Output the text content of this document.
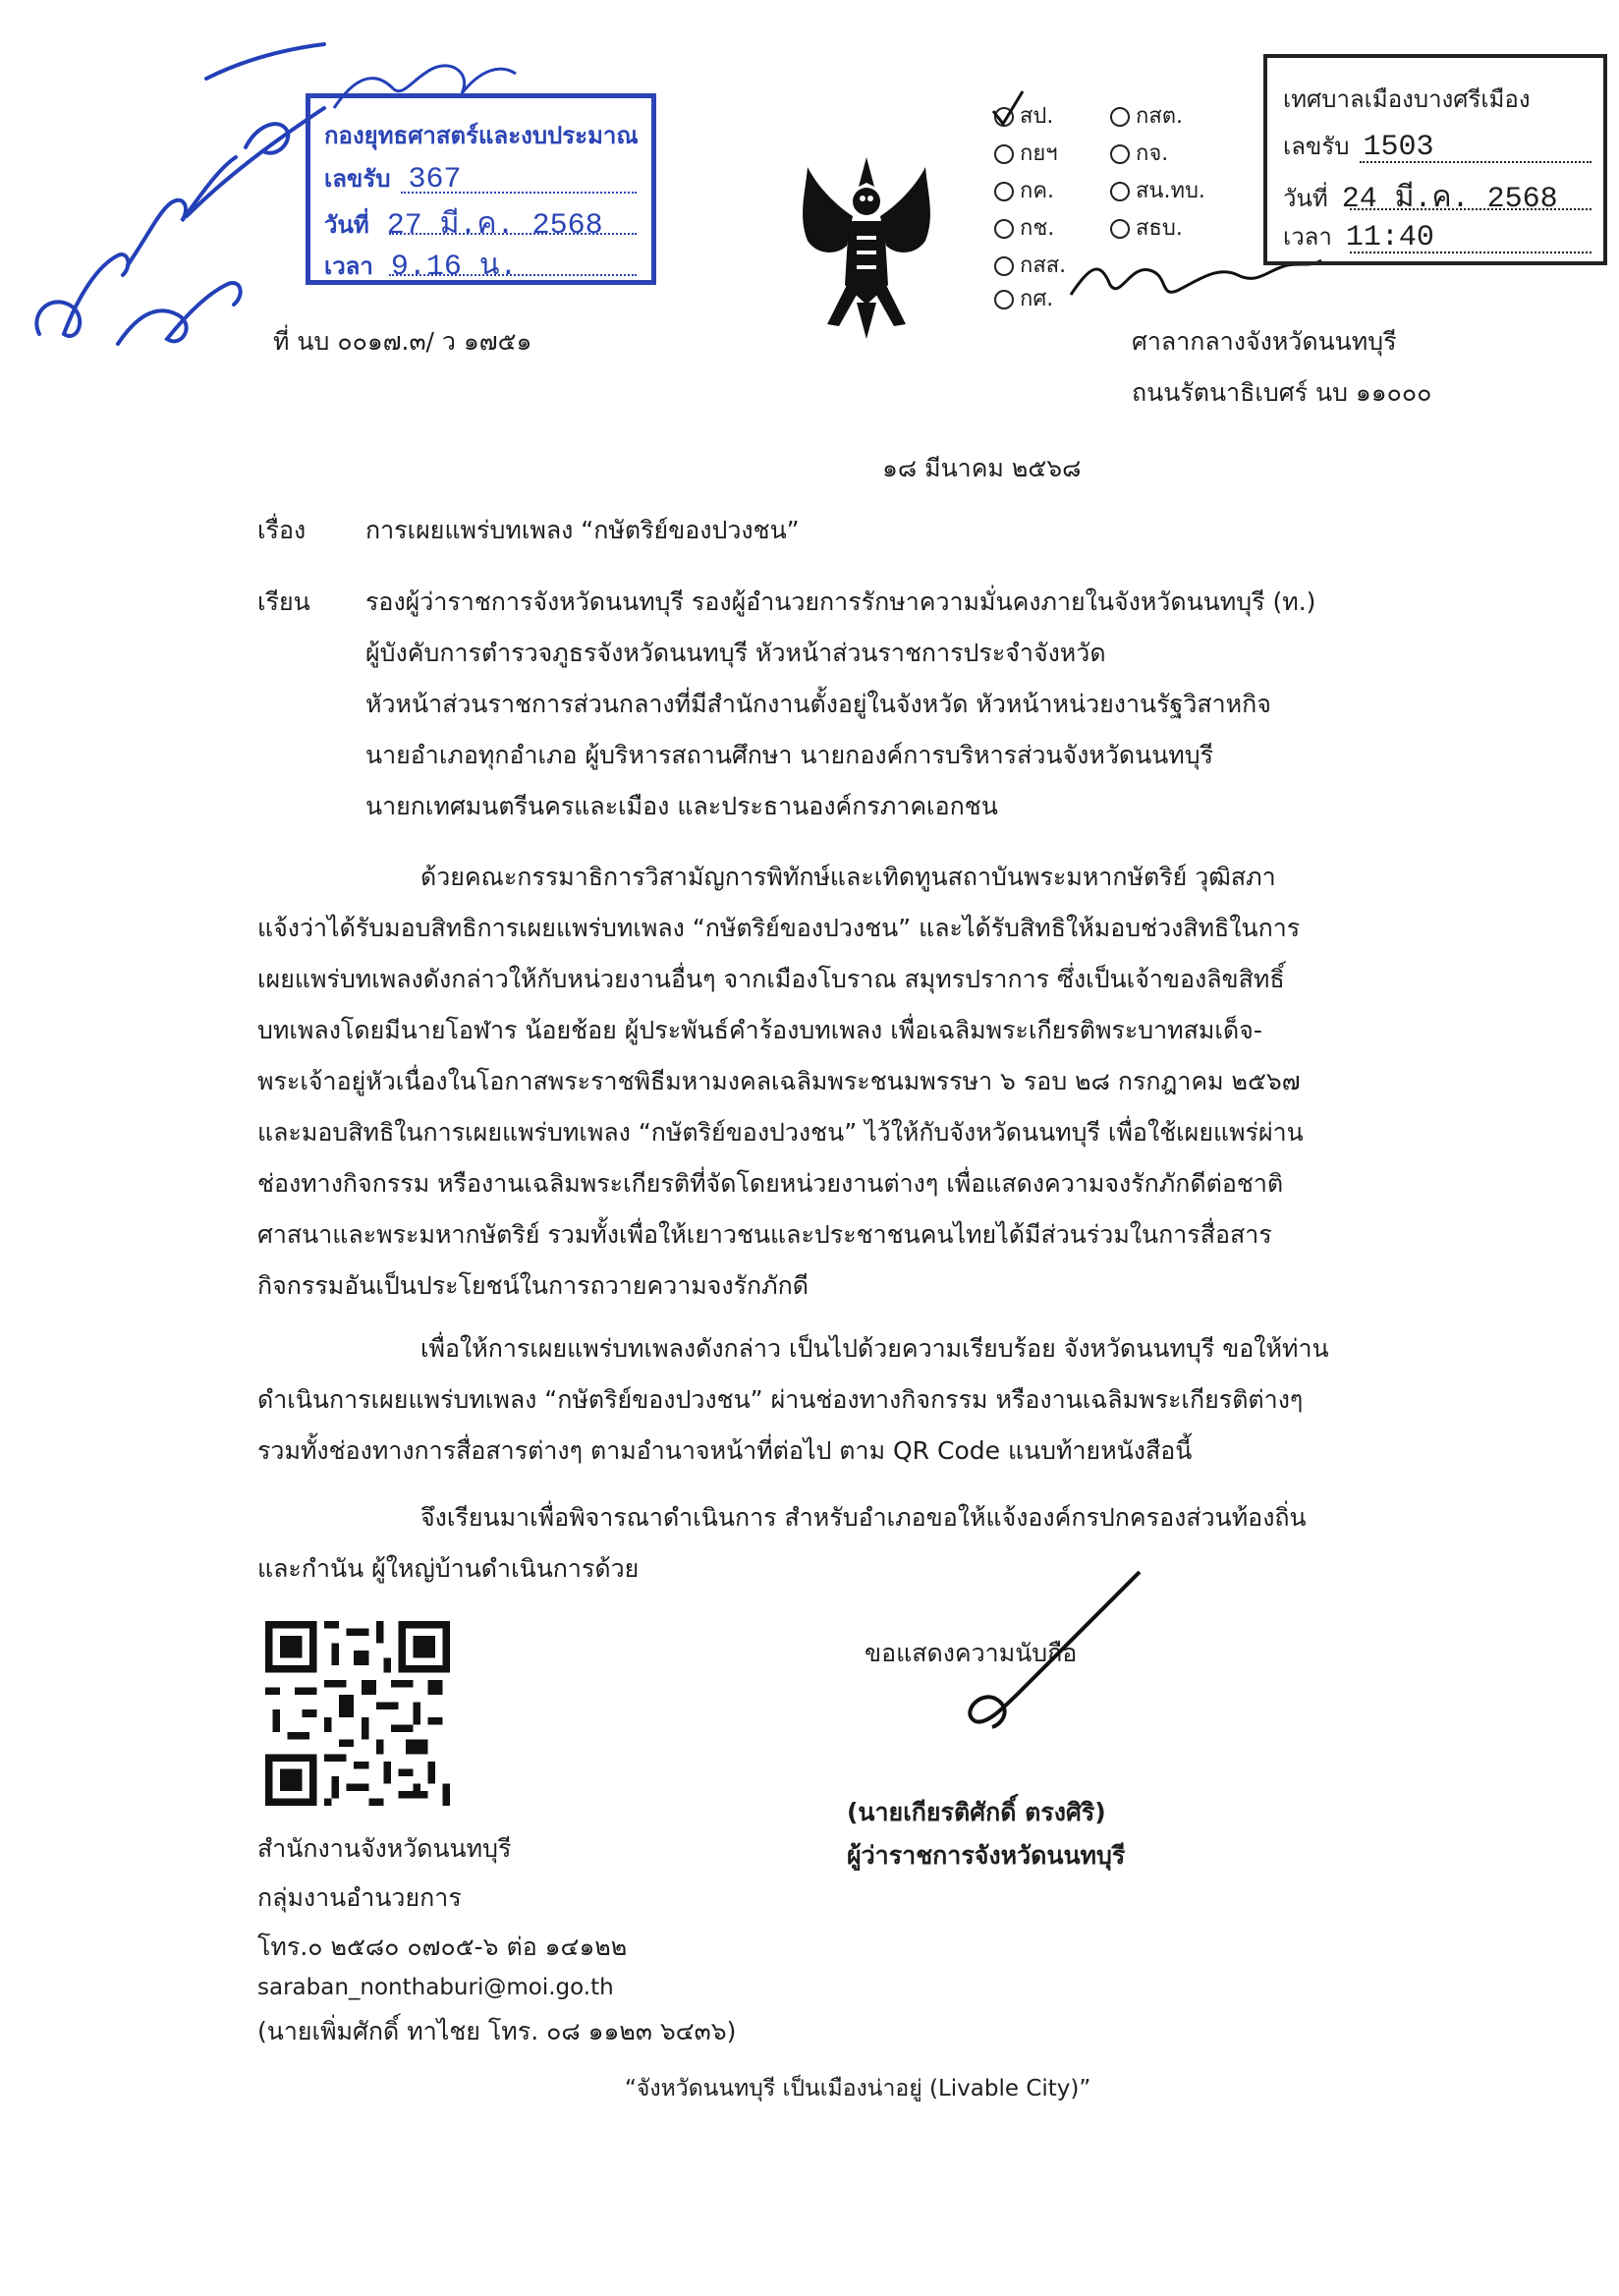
กองยุทธศาสตร์และงบประมาณ
เลขรับ 367
วันที่ 27 มี.ค. 2568
เวลา 9.16 น.
สป.	กสต.
กยฯ	กจ.
กค.	สน.ทบ.
กช.	สธบ.
กสส.
กศ.
เทศบาลเมืองบางศรีเมือง
เลขรับ 1503
วันที่ 24 มี.ค. 2568
เวลา 11:40
ที่ นบ ๐๐๑๗.๓/ ว ๑๗๕๑	ศาลากลางจังหวัดนนทบุรี
ถนนรัตนาธิเบศร์ นบ ๑๑๐๐๐
๑๘ มีนาคม ๒๕๖๘
เรื่อง การเผยแพร่บทเพลง “กษัตริย์ของปวงชน”
เรียน รองผู้ว่าราชการจังหวัดนนทบุรี รองผู้อำนวยการรักษาความมั่นคงภายในจังหวัดนนทบุรี (ท.)
ผู้บังคับการตำรวจภูธรจังหวัดนนทบุรี หัวหน้าส่วนราชการประจำจังหวัด
หัวหน้าส่วนราชการส่วนกลางที่มีสำนักงานตั้งอยู่ในจังหวัด หัวหน้าหน่วยงานรัฐวิสาหกิจ
นายอำเภอทุกอำเภอ ผู้บริหารสถานศึกษา นายกองค์การบริหารส่วนจังหวัดนนทบุรี
นายกเทศมนตรีนครและเมือง และประธานองค์กรภาคเอกชน
ด้วยคณะกรรมาธิการวิสามัญการพิทักษ์และเทิดทูนสถาบันพระมหากษัตริย์ วุฒิสภา
แจ้งว่าได้รับมอบสิทธิการเผยแพร่บทเพลง “กษัตริย์ของปวงชน” และได้รับสิทธิให้มอบช่วงสิทธิในการ
เผยแพร่บทเพลงดังกล่าวให้กับหน่วยงานอื่นๆ จากเมืองโบราณ สมุทรปราการ ซึ่งเป็นเจ้าของลิขสิทธิ์
บทเพลงโดยมีนายโอฬาร น้อยช้อย ผู้ประพันธ์คำร้องบทเพลง เพื่อเฉลิมพระเกียรติพระบาทสมเด็จ-
พระเจ้าอยู่หัวเนื่องในโอกาสพระราชพิธีมหามงคลเฉลิมพระชนมพรรษา ๖ รอบ ๒๘ กรกฎาคม ๒๕๖๗
และมอบสิทธิในการเผยแพร่บทเพลง “กษัตริย์ของปวงชน” ไว้ให้กับจังหวัดนนทบุรี เพื่อใช้เผยแพร่ผ่าน
ช่องทางกิจกรรม หรืองานเฉลิมพระเกียรติที่จัดโดยหน่วยงานต่างๆ เพื่อแสดงความจงรักภักดีต่อชาติ
ศาสนาและพระมหากษัตริย์ รวมทั้งเพื่อให้เยาวชนและประชาชนคนไทยได้มีส่วนร่วมในการสื่อสาร
กิจกรรมอันเป็นประโยชน์ในการถวายความจงรักภักดี
เพื่อให้การเผยแพร่บทเพลงดังกล่าว เป็นไปด้วยความเรียบร้อย จังหวัดนนทบุรี ขอให้ท่าน
ดำเนินการเผยแพร่บทเพลง “กษัตริย์ของปวงชน” ผ่านช่องทางกิจกรรม หรืองานเฉลิมพระเกียรติต่างๆ
รวมทั้งช่องทางการสื่อสารต่างๆ ตามอำนาจหน้าที่ต่อไป ตาม QR Code แนบท้ายหนังสือนี้
จึงเรียนมาเพื่อพิจารณาดำเนินการ สำหรับอำเภอขอให้แจ้งองค์กรปกครองส่วนท้องถิ่น
และกำนัน ผู้ใหญ่บ้านดำเนินการด้วย
ขอแสดงความนับถือ
(นายเกียรติศักดิ์ ตรงศิริ)
ผู้ว่าราชการจังหวัดนนทบุรี
สำนักงานจังหวัดนนทบุรี
กลุ่มงานอำนวยการ
โทร.๐ ๒๕๘๐ ๐๗๐๕-๖ ต่อ ๑๔๑๒๒
saraban_nonthaburi@moi.go.th
(นายเพิ่มศักดิ์ ทาไชย โทร. ๐๘ ๑๑๒๓ ๖๔๓๖)
“จังหวัดนนทบุรี เป็นเมืองน่าอยู่ (Livable City)”
